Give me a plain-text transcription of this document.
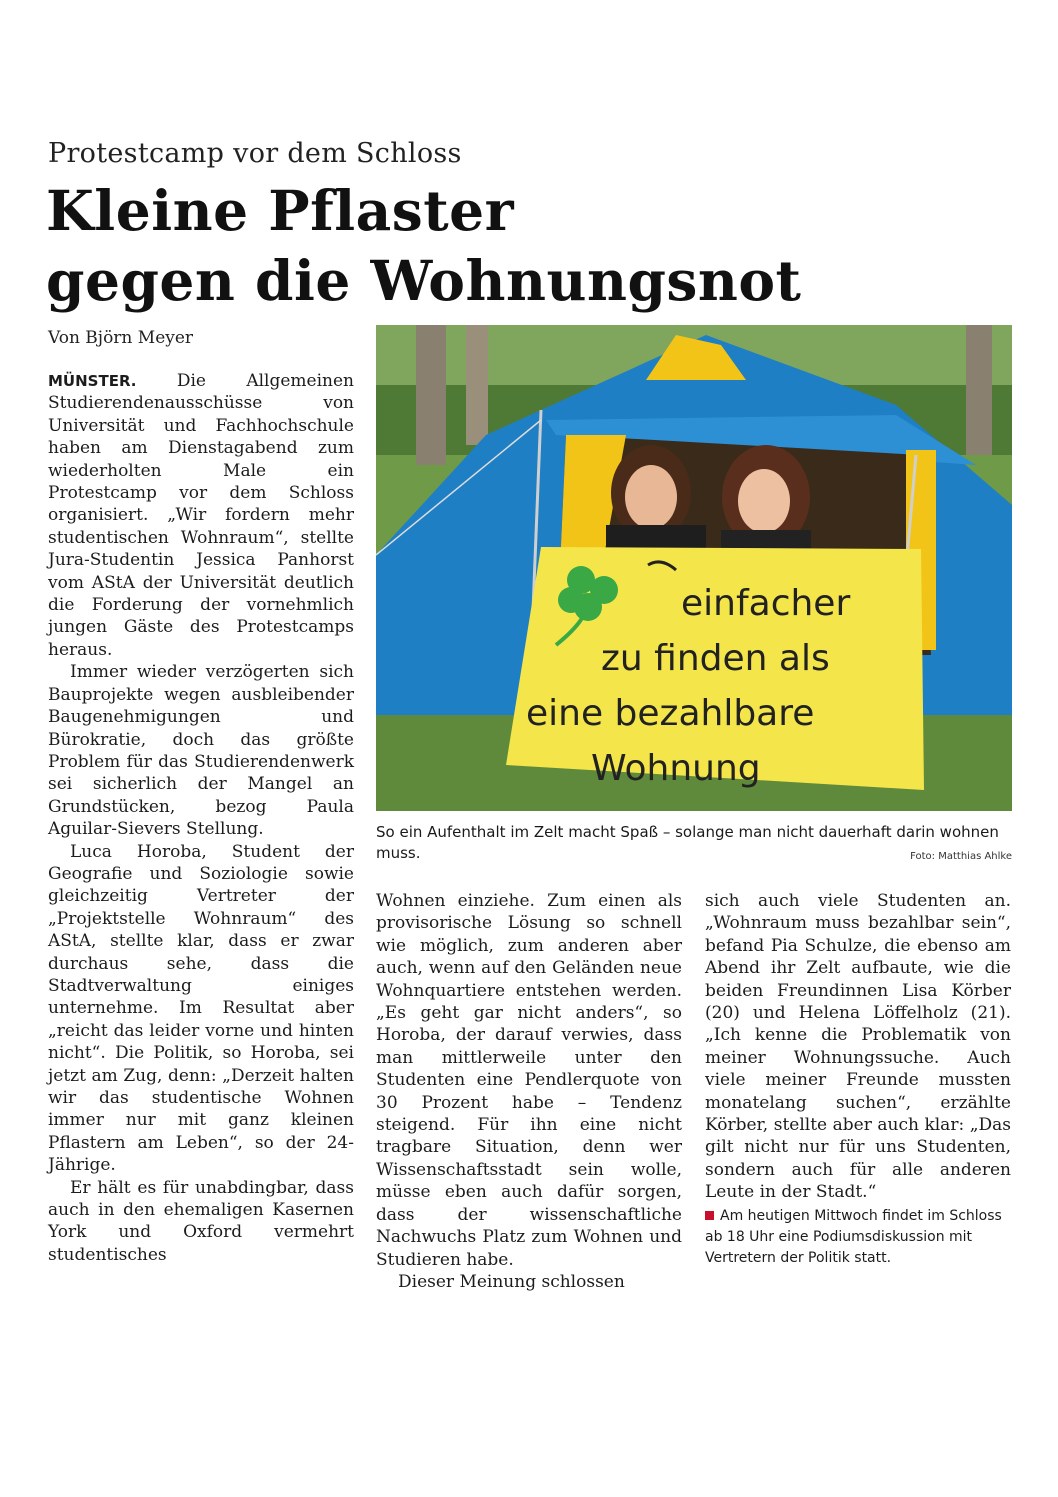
Protestcamp vor dem Schloss
Kleine Pflaster
gegen die Wohnungsnot
Von Björn Meyer

MÜNSTER. Die Allgemeinen Studierendenausschüsse von Universität und Fachhochschule haben am Dienstagabend zum wiederholten Male ein Protestcamp vor dem Schloss organisiert. „Wir fordern mehr studentischen Wohnraum“, stellte Jura-Studentin Jessica Panhorst vom AStA der Universität deutlich die Forderung der vornehmlich jungen Gäste des Protestcamps heraus.

Immer wieder verzögerten sich Bauprojekte wegen ausbleibender Baugenehmigungen und Bürokratie, doch das größte Problem für das Studierendenwerk sei sicherlich der Mangel an Grundstücken, bezog Paula Aguilar-Sievers Stellung.

Luca Horoba, Student der Geografie und Soziologie sowie gleichzeitig Vertreter der „Projektstelle Wohnraum“ des AStA, stellte klar, dass er zwar durchaus sehe, dass die Stadtverwaltung einiges unternehme. Im Resultat aber „reicht das leider vorne und hinten nicht“. Die Politik, so Horoba, sei jetzt am Zug, denn: „Derzeit halten wir das studentische Wohnen immer nur mit ganz kleinen Pflastern am Leben“, so der 24-Jährige.

Er hält es für unabdingbar, dass auch in den ehemaligen Kasernen York und Oxford vermehrt studentisches

einfacher
zu finden als
eine bezahlbare
Wohnung
So ein Aufenthalt im Zelt macht Spaß – solange man nicht dauerhaft darin wohnen muss.	Foto: Matthias Ahlke

Wohnen einziehe. Zum einen als provisorische Lösung so schnell wie möglich, zum anderen aber auch, wenn auf den Geländen neue Wohnquartiere entstehen werden. „Es geht gar nicht anders“, so Horoba, der darauf verwies, dass man mittlerweile unter den Studenten eine Pendlerquote von 30 Prozent habe – Tendenz steigend. Für ihn eine nicht tragbare Situation, denn wer Wissenschaftsstadt sein wolle, müsse eben auch dafür sorgen, dass der wissenschaftliche Nachwuchs Platz zum Wohnen und Studieren habe.

Dieser Meinung schlossen

sich auch viele Studenten an. „Wohnraum muss bezahlbar sein“, befand Pia Schulze, die ebenso am Abend ihr Zelt aufbaute, wie die beiden Freundinnen Lisa Körber (20) und Helena Löffelholz (21). „Ich kenne die Problematik von meiner Wohnungssuche. Auch viele meiner Freunde mussten monatelang suchen“, erzählte Körber, stellte aber auch klar: „Das gilt nicht nur für uns Studenten, sondern auch für alle anderen Leute in der Stadt.“

Am heutigen Mittwoch findet im Schloss ab 18 Uhr eine Podiumsdiskussion mit Vertretern der Politik statt.
